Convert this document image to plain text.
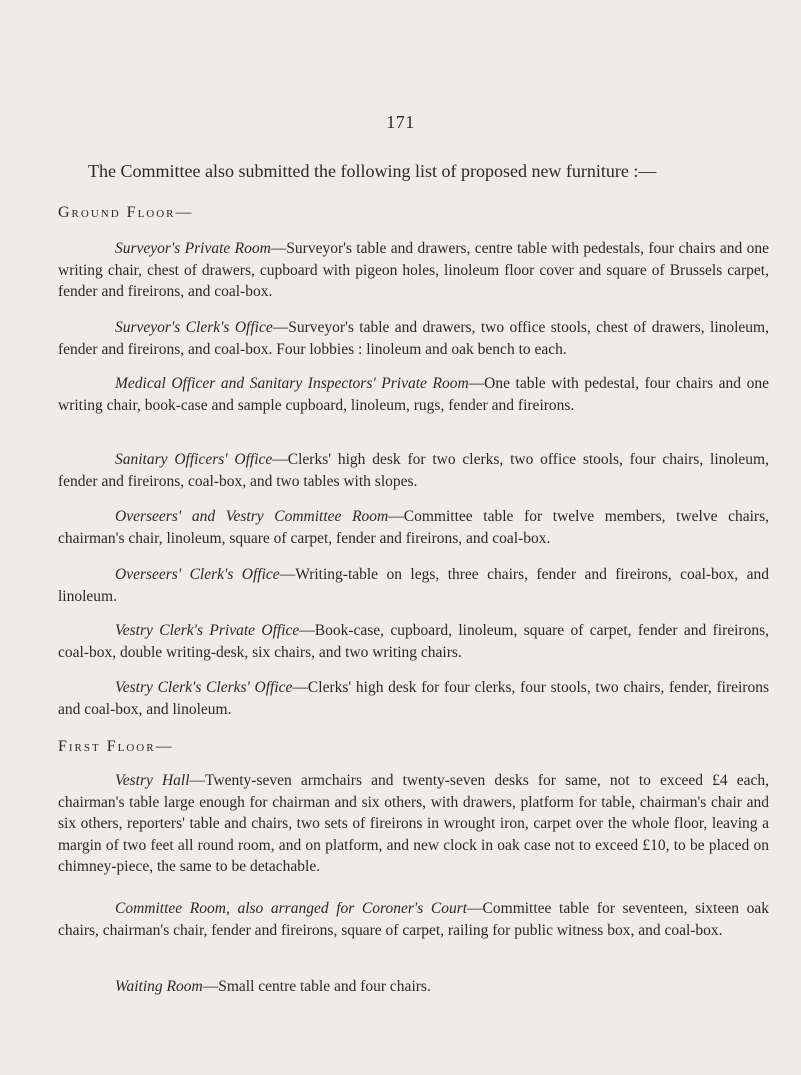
171
The Committee also submitted the following list of proposed new furniture :—
Ground Floor—
Surveyor's Private Room—Surveyor's table and drawers, centre table with pedestals, four chairs and one writing chair, chest of drawers, cupboard with pigeon holes, linoleum floor cover and square of Brussels carpet, fender and fireirons, and coal-box.
Surveyor's Clerk's Office—Surveyor's table and drawers, two office stools, chest of drawers, linoleum, fender and fireirons, and coal-box. Four lobbies : linoleum and oak bench to each.
Medical Officer and Sanitary Inspectors' Private Room—One table with pedestal, four chairs and one writing chair, book-case and sample cupboard, linoleum, rugs, fender and fireirons.
Sanitary Officers' Office—Clerks' high desk for two clerks, two office stools, four chairs, linoleum, fender and fireirons, coal-box, and two tables with slopes.
Overseers' and Vestry Committee Room—Committee table for twelve members, twelve chairs, chairman's chair, linoleum, square of carpet, fender and fireirons, and coal-box.
Overseers' Clerk's Office—Writing-table on legs, three chairs, fender and fireirons, coal-box, and linoleum.
Vestry Clerk's Private Office—Book-case, cupboard, linoleum, square of carpet, fender and fireirons, coal-box, double writing-desk, six chairs, and two writing chairs.
Vestry Clerk's Clerks' Office—Clerks' high desk for four clerks, four stools, two chairs, fender, fireirons and coal-box, and linoleum.
First Floor—
Vestry Hall—Twenty-seven armchairs and twenty-seven desks for same, not to exceed £4 each, chairman's table large enough for chairman and six others, with drawers, platform for table, chairman's chair and six others, reporters' table and chairs, two sets of fireirons in wrought iron, carpet over the whole floor, leaving a margin of two feet all round room, and on platform, and new clock in oak case not to exceed £10, to be placed on chimney-piece, the same to be detachable.
Committee Room, also arranged for Coroner's Court—Committee table for seventeen, sixteen oak chairs, chairman's chair, fender and fireirons, square of carpet, railing for public witness box, and coal-box.
Waiting Room—Small centre table and four chairs.
